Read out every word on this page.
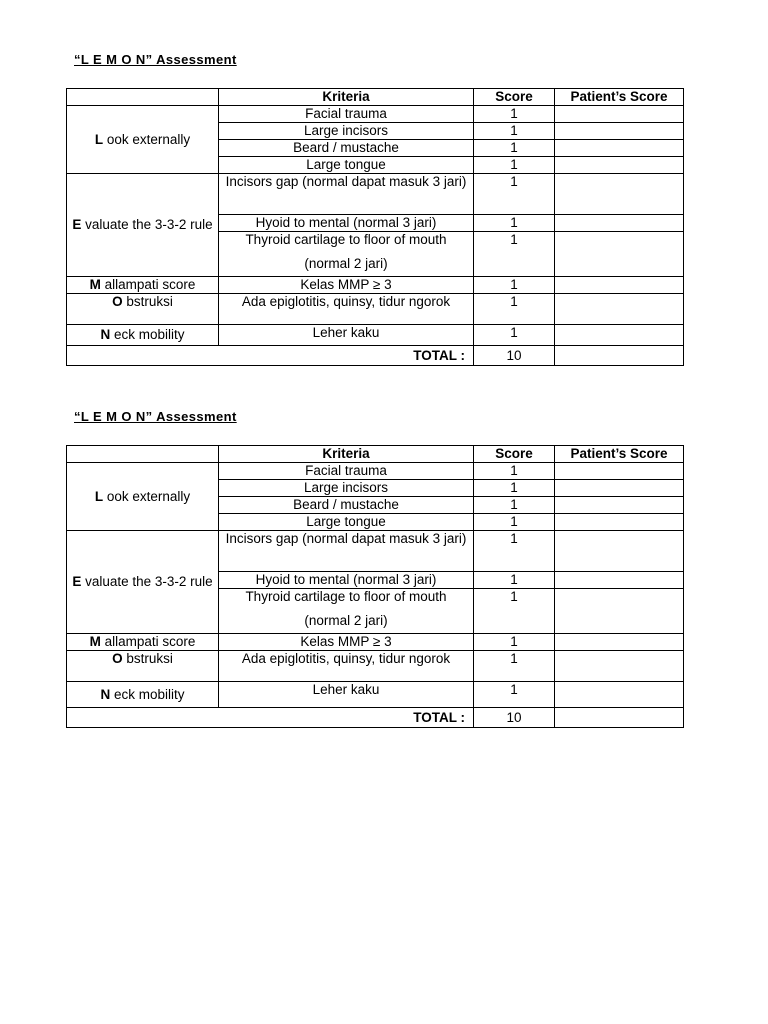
“L E M O N” Assessment
	Kriteria	Score	Patient’s Score
L ook externally	Facial trauma	1	
	Large incisors	1	
	Beard / mustache	1	
	Large tongue	1	
E valuate the 3-3-2 rule	Incisors gap (normal dapat masuk 3 jari)	1	
	Hyoid to mental (normal 3 jari)	1	

	Thyroid cartilage to floor of mouth (normal 2 jari)	1	
M allampati score	Kelas MMP ≥ 3	1	
O bstruksi	Ada epiglotitis, quinsy, tidur ngorok	1	
N eck mobility	Leher kaku	1	
TOTAL :		10	
“L E M O N” Assessment
	Kriteria	Score	Patient’s Score
L ook externally	Facial trauma	1	
	Large incisors	1	
	Beard / mustache	1	
	Large tongue	1	
E valuate the 3-3-2 rule	Incisors gap (normal dapat masuk 3 jari)	1	
	Hyoid to mental (normal 3 jari)	1	

	Thyroid cartilage to floor of mouth (normal 2 jari)	1	
M allampati score	Kelas MMP ≥ 3	1	
O bstruksi	Ada epiglotitis, quinsy, tidur ngorok	1	
N eck mobility	Leher kaku	1	
TOTAL :		10	
